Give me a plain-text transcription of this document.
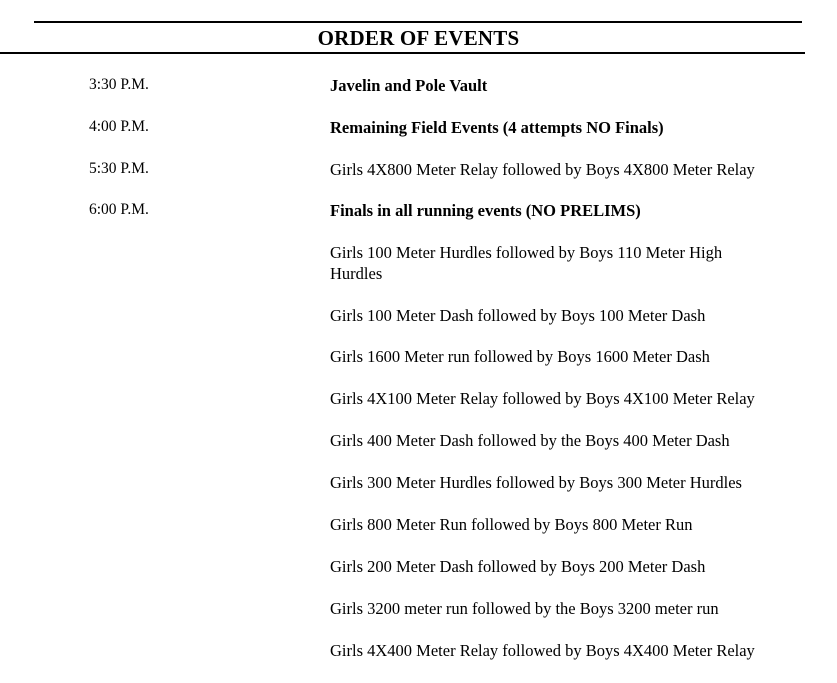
ORDER OF EVENTS
3:30 P.M.	Javelin and Pole Vault
4:00 P.M.	Remaining Field Events (4 attempts NO Finals)
5:30 P.M.	Girls 4X800 Meter Relay followed by Boys 4X800 Meter Relay
6:00 P.M.	Finals in all running events (NO PRELIMS)
Girls 100 Meter Hurdles followed by Boys 110 Meter High Hurdles
Girls 100 Meter Dash followed by Boys 100 Meter Dash
Girls 1600 Meter run followed by Boys 1600 Meter Dash
Girls 4X100 Meter Relay followed by Boys 4X100 Meter Relay
Girls 400 Meter Dash followed by the Boys 400 Meter Dash
Girls 300 Meter Hurdles followed by Boys 300 Meter Hurdles
Girls 800 Meter Run followed by Boys 800 Meter Run
Girls 200 Meter Dash followed by Boys 200 Meter Dash
Girls 3200 meter run followed by the Boys 3200 meter run
Girls 4X400 Meter Relay followed by Boys 4X400 Meter Relay
